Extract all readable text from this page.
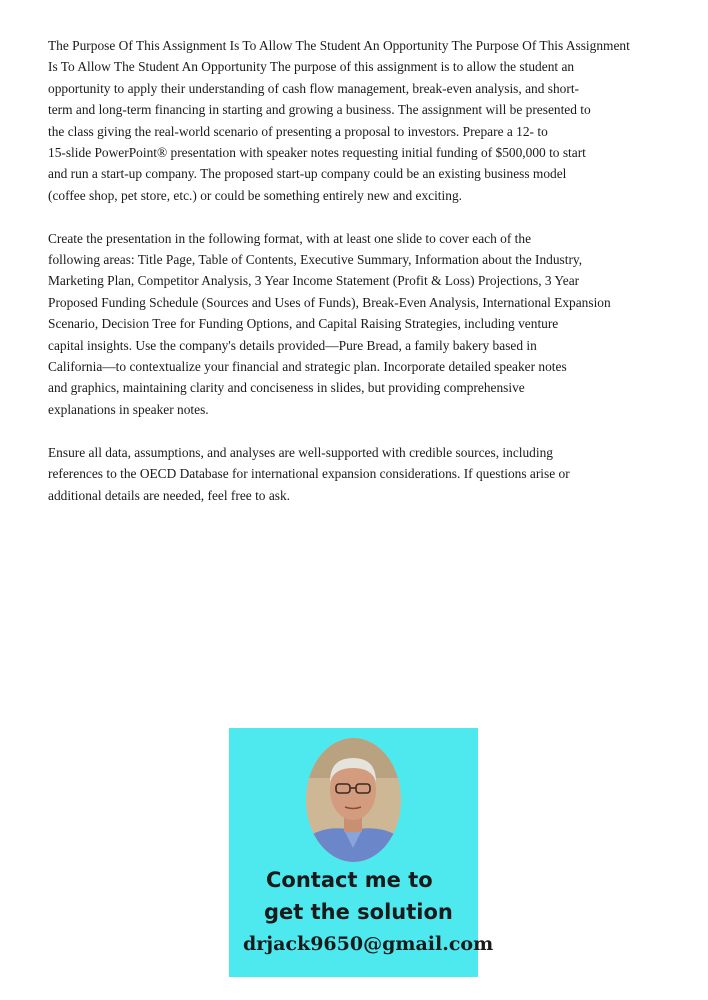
The Purpose Of This Assignment Is To Allow The Student An Opportunity The Purpose Of This Assignment
Is To Allow The Student An Opportunity The purpose of this assignment is to allow the student an
opportunity to apply their understanding of cash flow management, break-even analysis, and short-
term and long-term financing in starting and growing a business. The assignment will be presented to
the class giving the real-world scenario of presenting a proposal to investors. Prepare a 12- to
15-slide PowerPoint® presentation with speaker notes requesting initial funding of $500,000 to start
and run a start-up company. The proposed start-up company could be an existing business model
(coffee shop, pet store, etc.) or could be something entirely new and exciting.

Create the presentation in the following format, with at least one slide to cover each of the
following areas: Title Page, Table of Contents, Executive Summary, Information about the Industry,
Marketing Plan, Competitor Analysis, 3 Year Income Statement (Profit & Loss) Projections, 3 Year
Proposed Funding Schedule (Sources and Uses of Funds), Break-Even Analysis, International Expansion
Scenario, Decision Tree for Funding Options, and Capital Raising Strategies, including venture
capital insights. Use the company's details provided—Pure Bread, a family bakery based in
California—to contextualize your financial and strategic plan. Incorporate detailed speaker notes
and graphics, maintaining clarity and conciseness in slides, but providing comprehensive
explanations in speaker notes.

Ensure all data, assumptions, and analyses are well-supported with credible sources, including
references to the OECD Database for international expansion considerations. If questions arise or
additional details are needed, feel free to ask.

Contact me to
get the solution
drjack9650@gmail.com
